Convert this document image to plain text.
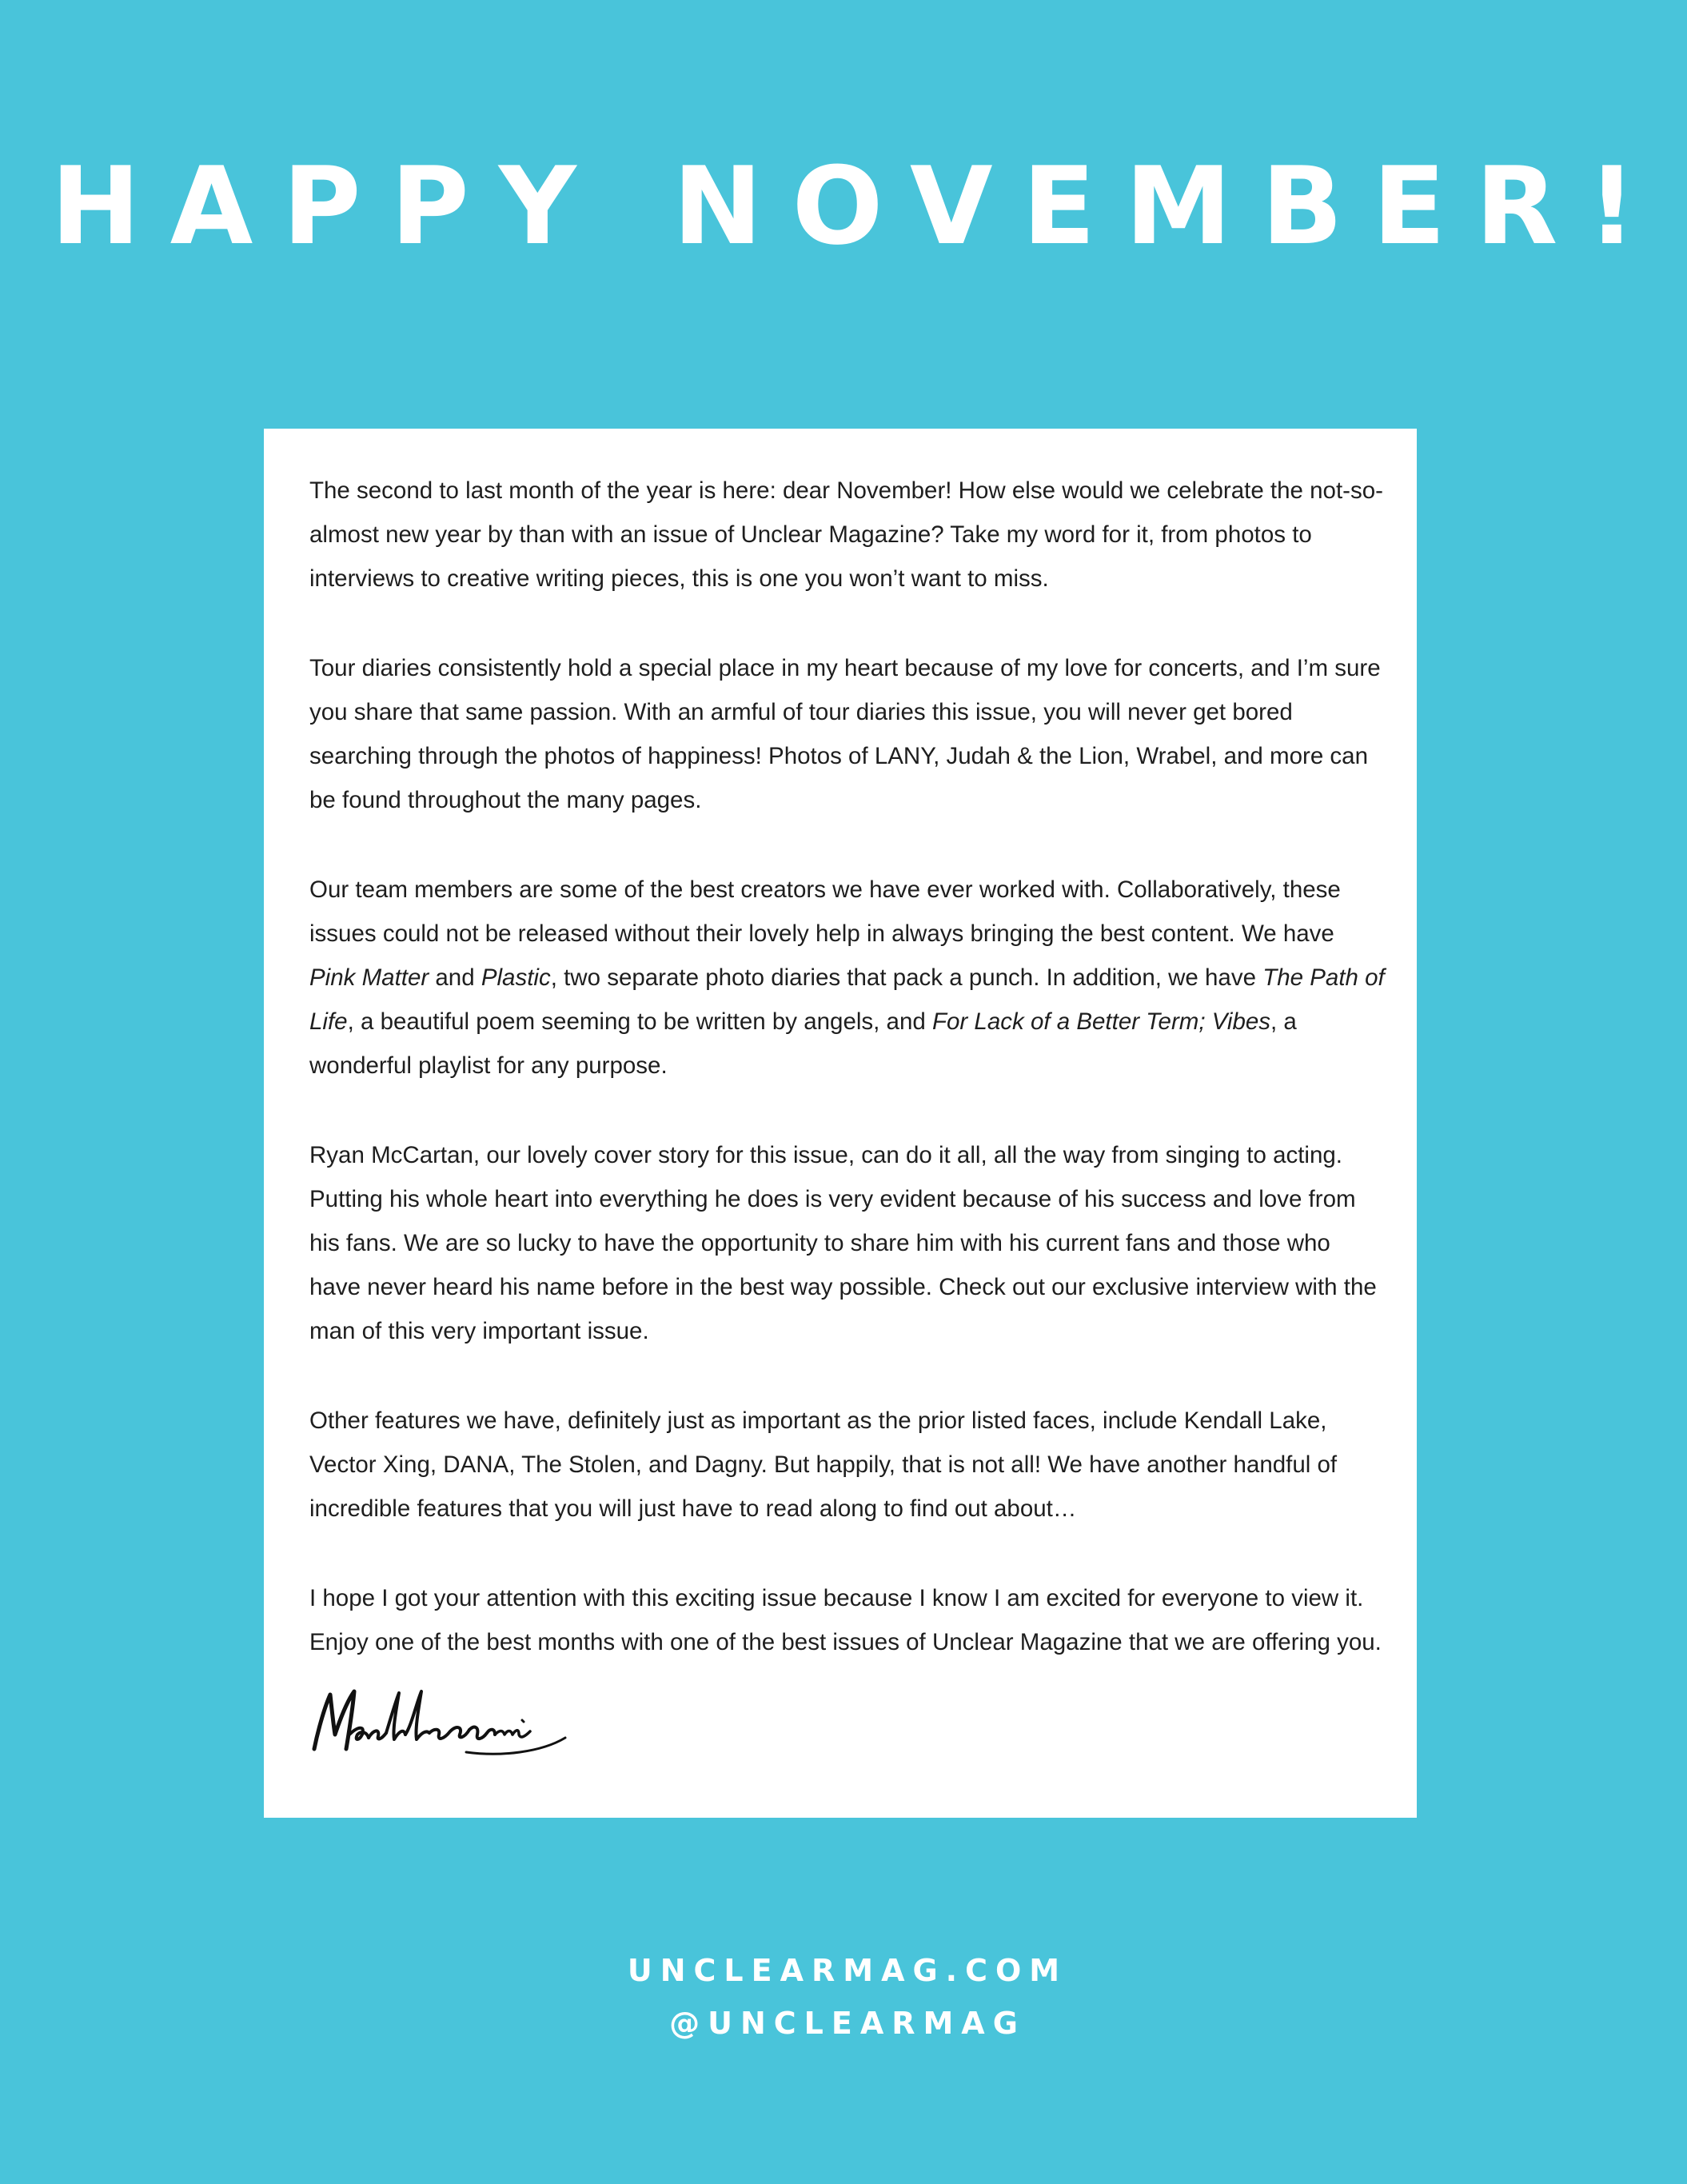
HAPPY NOVEMBER!

The second to last month of the year is here: dear November! How else would we celebrate the not-so-almost new year by than with an issue of Unclear Magazine? Take my word for it, from photos to interviews to creative writing pieces, this is one you won’t want to miss.

Tour diaries consistently hold a special place in my heart because of my love for concerts, and I’m sure you share that same passion. With an armful of tour diaries this issue, you will never get bored searching through the photos of happiness! Photos of LANY, Judah & the Lion, Wrabel, and more can be found throughout the many pages.

Our team members are some of the best creators we have ever worked with. Collaboratively, these issues could not be released without their lovely help in always bringing the best content. We have Pink Matter and Plastic, two separate photo diaries that pack a punch. In addition, we have The Path of Life, a beautiful poem seeming to be written by angels, and For Lack of a Better Term; Vibes, a wonderful playlist for any purpose.

Ryan McCartan, our lovely cover story for this issue, can do it all, all the way from singing to acting. Putting his whole heart into everything he does is very evident because of his success and love from his fans. We are so lucky to have the opportunity to share him with his current fans and those who have never heard his name before in the best way possible. Check out our exclusive interview with the man of this very important issue.

Other features we have, definitely just as important as the prior listed faces, include Kendall Lake, Vector Xing, DANA, The Stolen, and Dagny. But happily, that is not all! We have another handful of incredible features that you will just have to read along to find out about…

I hope I got your attention with this exciting issue because I know I am excited for everyone to view it. Enjoy one of the best months with one of the best issues of Unclear Magazine that we are offering you.

UNCLEARMAG.COM
@UNCLEARMAG
